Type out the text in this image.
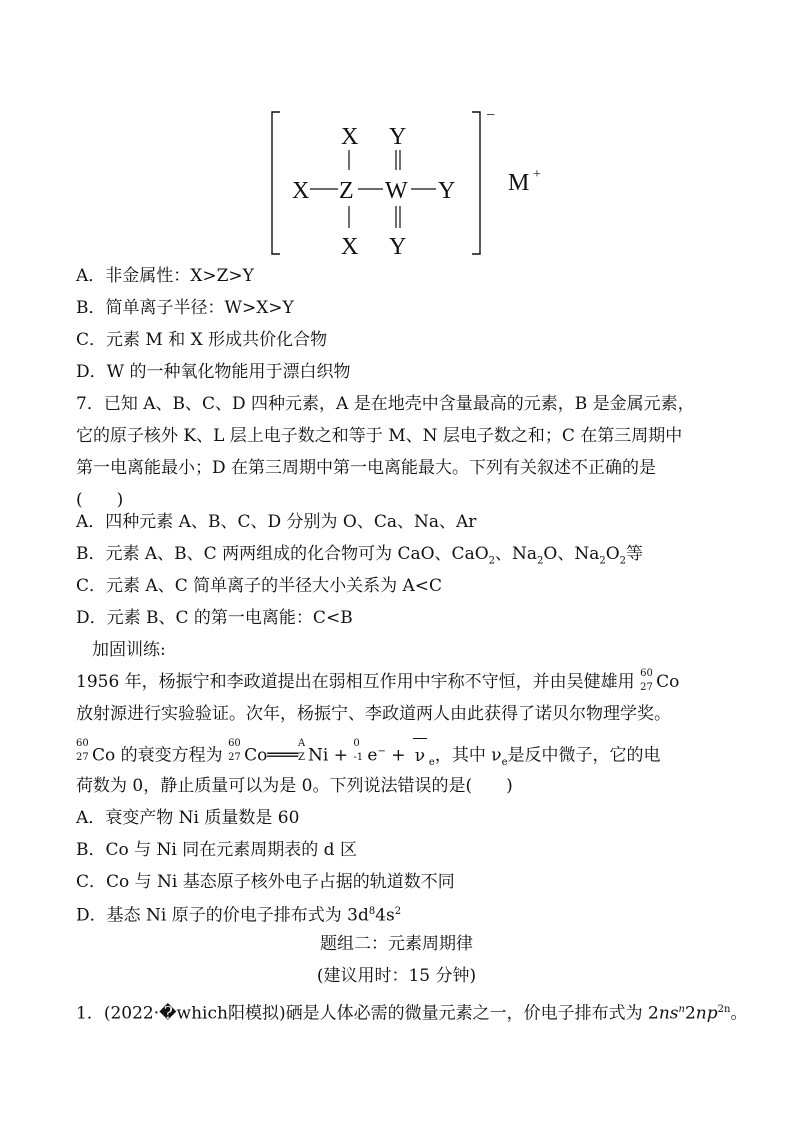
−
X Y
X Z W Y
X Y
M +
A．非金属性：X>Z>Y
B．简单离子半径：W>X>Y
C．元素 M 和 X 形成共价化合物
D．W 的一种氧化物能用于漂白织物
7．已知 A、B、C、D 四种元素，A 是在地壳中含量最高的元素，B 是金属元素，
它的原子核外 K、L 层上电子数之和等于 M、N 层电子数之和；C 在第三周期中
第一电离能最小；D 在第三周期中第一电离能最大。下列有关叙述不正确的是
(　　)
A．四种元素 A、B、C、D 分别为 O、Ca、Na、Ar
B．元素 A、B、C 两两组成的化合物可为 CaO、CaO$_2$、$Na_2O$、$Na_2O_2$等
C．元素 A、C 简单离子的半径大小关系为 A<C
D．元素 B、C 的第一电离能：C<B
加固训练:
1956 年，杨振宁和李政道提出在弱相互作用中宇称不守恒，并由吴健雄用 60
27 Co
放射源进行实验验证。次年，杨振宁、李政道两人由此获得了诺贝尔物理学奖。
60
27 Co 的衰变方程为
60
27 Co═══
A
Z Ni +
0
-1 e− + ν $_e$，其中 $\nu_e$是反中微子，它的电
荷数为 0，静止质量可以为是 0。下列说法错误的是(　　)
A．衰变产物 Ni 质量数是 60
B．Co 与 Ni 同在元素周期表的 d 区
C．Co 与 Ni 基态原子核外电子占据的轨道数不同
D．基态 Ni 原子的价电子排布式为 $3d^84s^2$
题组二：元素周期律
(建议用时：15 分钟)
1．(2022·�which阳模拟)硒是人体必需的微量元素之一，价电子排布式为 $2ns^n2np^{2n}$。
